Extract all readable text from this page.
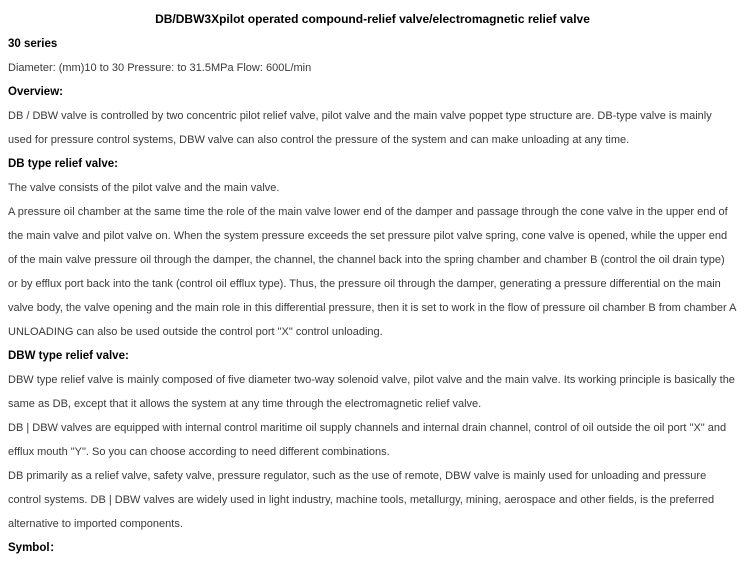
DB/DBW3Xpilot operated compound-relief valve/electromagnetic relief valve
30 series

Diameter: (mm)10 to 30 Pressure: to 31.5MPa Flow: 600L/min

Overview:

DB / DBW valve is controlled by two concentric pilot relief valve, pilot valve and the main valve poppet type structure are. DB-type valve is mainly used for pressure control systems, DBW valve can also control the pressure of the system and can make unloading at any time.

DB type relief valve:

The valve consists of the pilot valve and the main valve.

A pressure oil chamber at the same time the role of the main valve lower end of the damper and passage through the cone valve in the upper end of the main valve and pilot valve on. When the system pressure exceeds the set pressure pilot valve spring, cone valve is opened, while the upper end of the main valve pressure oil through the damper, the channel, the channel back into the spring chamber and chamber B (control the oil drain type) or by efflux port back into the tank (control oil efflux type). Thus, the pressure oil through the damper, generating a pressure differential on the main valve body, the valve opening and the main role in this differential pressure, then it is set to work in the flow of pressure oil chamber B from chamber A UNLOADING can also be used outside the control port "X" control unloading.

DBW type relief valve:

DBW type relief valve is mainly composed of five diameter two-way solenoid valve, pilot valve and the main valve. Its working principle is basically the same as DB, except that it allows the system at any time through the electromagnetic relief valve.

DB | DBW valves are equipped with internal control maritime oil supply channels and internal drain channel, control of oil outside the oil port "X" and efflux mouth "Y". So you can choose according to need different combinations.

DB primarily as a relief valve, safety valve, pressure regulator, such as the use of remote, DBW valve is mainly used for unloading and pressure control systems. DB | DBW valves are widely used in light industry, machine tools, metallurgy, mining, aerospace and other fields, is the preferred alternative to imported components.

Symbol：
